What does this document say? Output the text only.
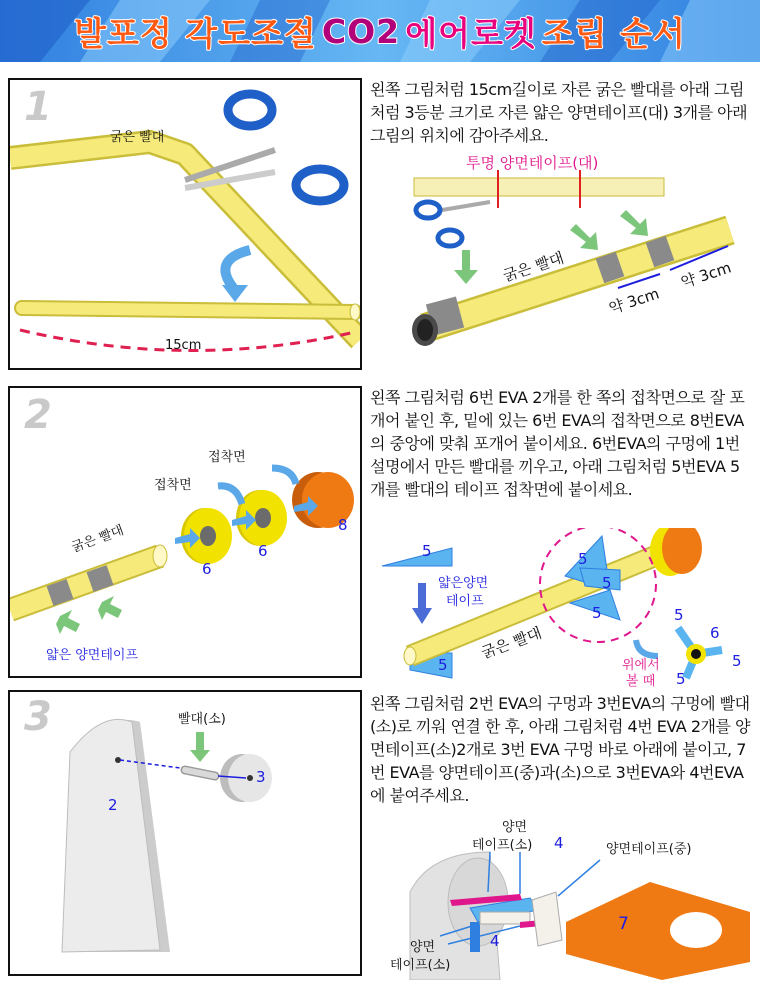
발포정 각도조절
CO2
에어로켓
조립 순서
1
굵은 빨대
15cm
왼쪽 그림처럼 15cm길이로 자른 굵은 빨대를 아래 그림처럼 3등분 크기로 자른 얇은 양면테이프(대) 3개를 아래 그림의 위치에 감아주세요.
투명 양면테이프(대)
굵은 빨대
약 3cm
약 3cm
2
접착면
접착면
굵은 빨대
얇은 양면테이프
6
6
8
왼쪽 그림처럼 6번 EVA 2개를 한 쪽의 접착면으로 잘 포개어 붙인 후, 밑에 있는 6번 EVA의 접착면으로 8번EVA의 중앙에 맞춰 포개어 붙이세요. 6번EVA의 구멍에 1번 설명에서 만든 빨대를 끼우고, 아래 그림처럼 5번EVA 5개를 빨대의 테이프 접착면에 붙이세요.
5
얇은양면
테이프
굵은 빨대
5
5
5
5
위에서
볼 때
5
6
5
5
3	빨대(소)
2
3
왼쪽 그림처럼 2번 EVA의 구멍과 3번EVA의 구멍에 빨대(소)로 끼워 연결 한 후, 아래 그림처럼 4번 EVA 2개를 양면테이프(소)2개로 3번 EVA 구멍 바로 아래에 붙이고, 7번 EVA를 양면테이프(중)과(소)으로 3번EVA와 4번EVA에 붙여주세요.
양면
테이프(소) 4	양면테이프(중)
4
양면
테이프(소)
7
